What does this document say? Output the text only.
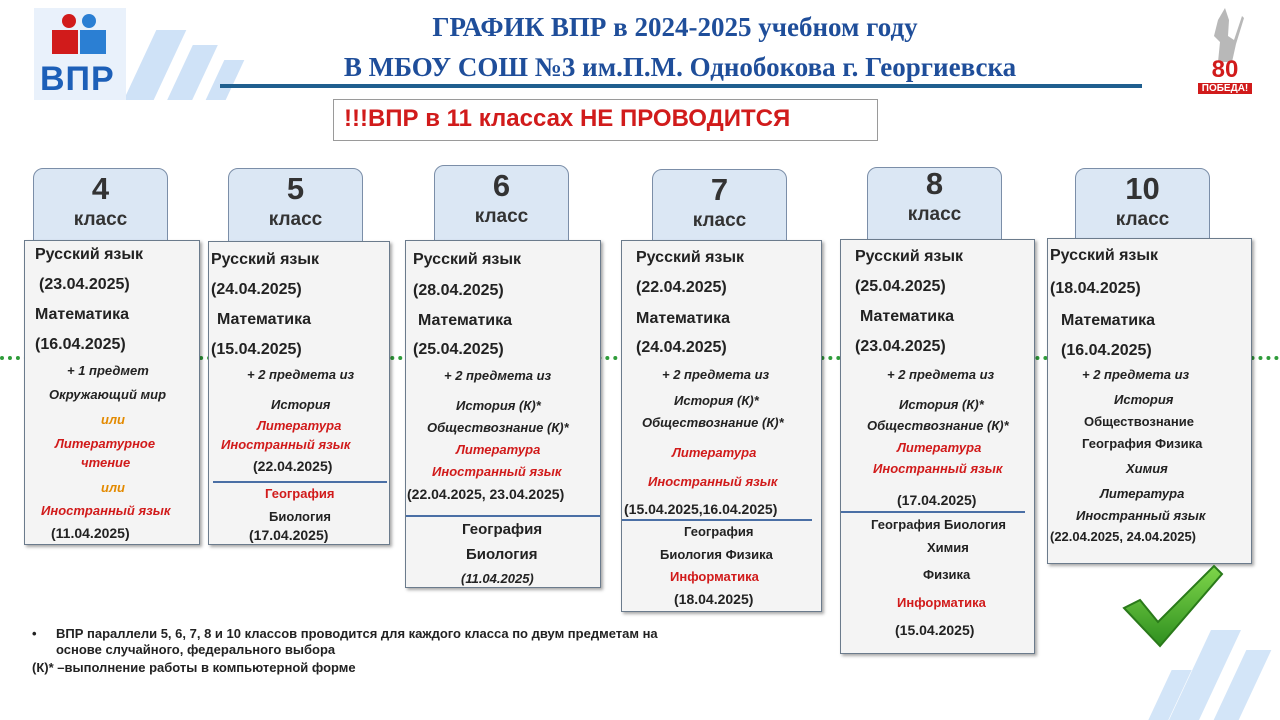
ВПР
ГРАФИК ВПР в 2024-2025 учебном году
В МБОУ СОШ №3 им.П.М. Однобокова г. Георгиевска
!!!ВПР в 11 классах НЕ ПРОВОДИТСЯ
80
ПОБЕДА!
4
класс
5
класс
6
класс
7
класс
8
класс
10
класс
Русский язык
(23.04.2025)
Математика
(16.04.2025)
+ 1 предмет
Окружающий мир
или
Литературное
чтение
или
Иностранный язык
(11.04.2025)
Русский язык
(24.04.2025)
Математика
(15.04.2025)
+ 2 предмета из
История
Литература
Иностранный язык
(22.04.2025)
География
Биология
(17.04.2025)
Русский язык
(28.04.2025)
Математика
(25.04.2025)
+ 2 предмета из
История (К)*
Обществознание (К)*
Литература
Иностранный язык
(22.04.2025, 23.04.2025)
География
Биология
(11.04.2025)
Русский язык
(22.04.2025)
Математика
(24.04.2025)
+ 2 предмета из
История (К)*
Обществознание (К)*
Литература
Иностранный язык
(15.04.2025,16.04.2025)
География
Биология Физика
Информатика
(18.04.2025)
Русский язык
(25.04.2025)
Математика
(23.04.2025)
+ 2 предмета из
История (К)*
Обществознание (К)*
Литература
Иностранный язык
(17.04.2025)
География Биология
Химия
Физика
Информатика
(15.04.2025)
Русский язык
(18.04.2025)
Математика
(16.04.2025)
+ 2 предмета из
История
Обществознание
География Физика
Химия
Литература
Иностранный язык
(22.04.2025, 24.04.2025)
• ВПР параллели 5, 6, 7, 8 и 10 классов проводится для каждого класса по двум предметам на
основе случайного, федерального выбора
(К)* –выполнение работы в компьютерной форме
